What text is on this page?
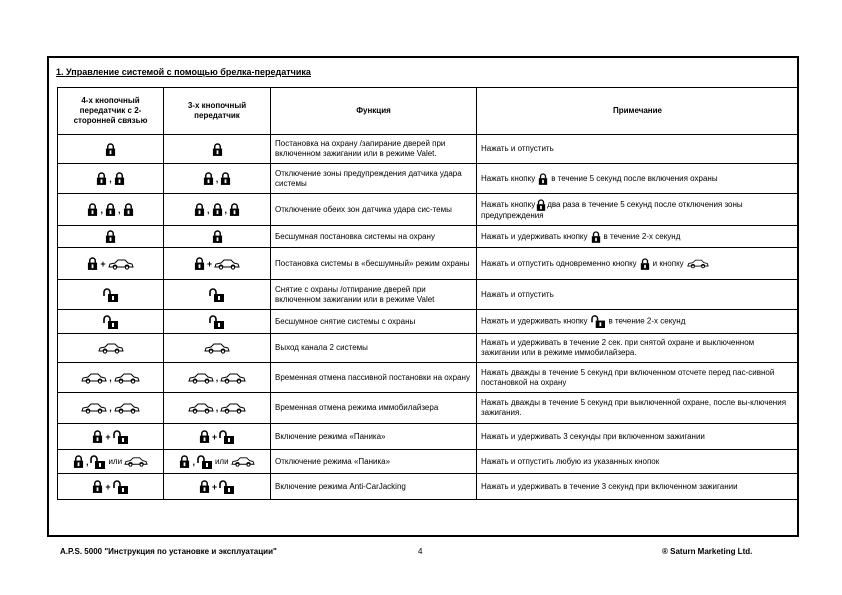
1. Управление системой с помощью брелка-передатчика
4-х кнопочный передатчик с 2-сторонней связью	3-х кнопочный передатчик	Функция	Примечание
		Постановка на охрану /запирание дверей при включенном зажигании или в режиме Valet.	Нажать и отпустить
,	,	Отключение зоны предупреждения датчика удара системы	Нажать кнопку в течение 5 секунд после включения охраны
, ,	, ,	Отключение обеих зон датчика удара сис-темы	Нажать кнопку два раза в течение 5 секунд после отключения зоны предупреждения
		Бесшумная постановка системы на охрану	Нажать и удерживать кнопку в течение 2-х секунд
+	+	Постановка системы в «бесшумный» режим охраны	Нажать и отпустить одновременно кнопку и кнопку
		Снятие с охраны /отпирание дверей при включенном зажигании или в режиме Valet	Нажать и отпустить
		Бесшумное снятие системы с охраны	Нажать и удерживать кнопку в течение 2-х секунд
		Выход канала 2 системы	Нажать и удерживать в течение 2 сек. при снятой охране и выключенном зажигании или в режиме иммобилайзера.
,	,	Временная отмена пассивной постановки на охрану	Нажать дважды в течение 5 секунд при включенном отсчете перед пас-сивной постановкой на охрану
,	,	Временная отмена режима иммобилайзера	Нажать дважды в течение 5 секунд при выключенной охране, после вы-ключения зажигания.
+	+	Включение режима «Паника»	Нажать и удерживать 3 секунды при включенном зажигании
, или	, или	Отключение режима «Паника»	Нажать и отпустить любую из указанных кнопок
+	+	Включение режима Anti-CarJacking	Нажать и удерживать в течение 3 секунд при включенном зажигании
A.P.S. 5000 "Инструкция по установке и эксплуатации"	4	® Saturn Marketing Ltd.
